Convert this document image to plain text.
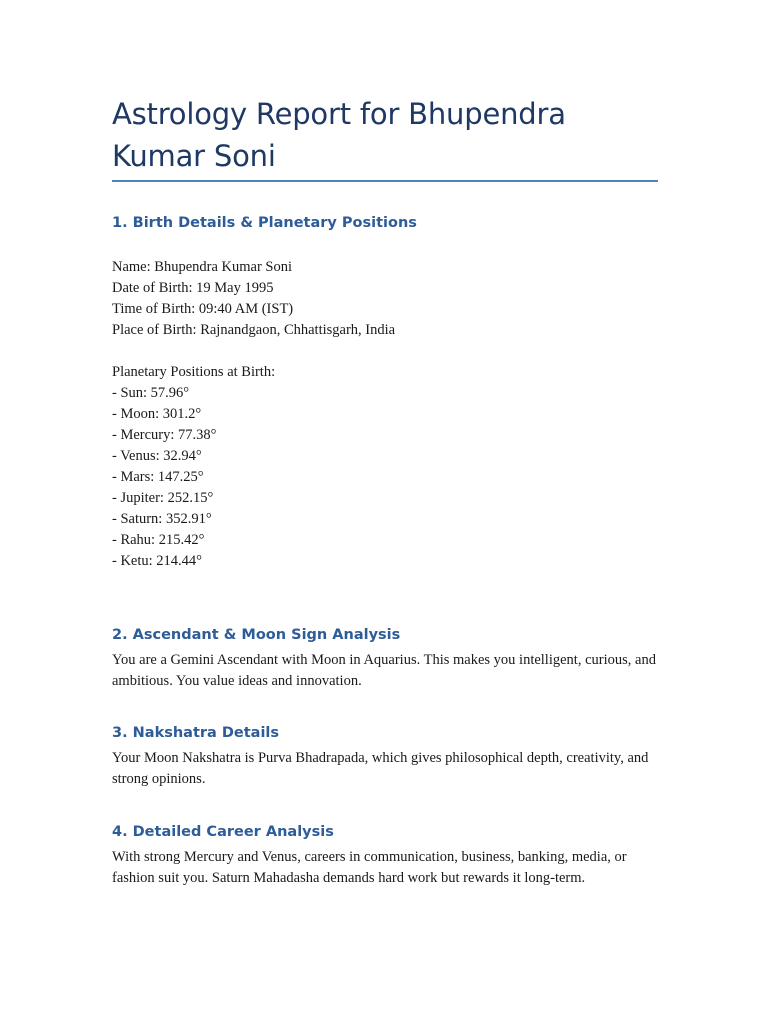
Astrology Report for Bhupendra Kumar Soni
1. Birth Details & Planetary Positions

Name: Bhupendra Kumar Soni

Date of Birth: 19 May 1995

Time of Birth: 09:40 AM (IST)

Place of Birth: Rajnandgaon, Chhattisgarh, India

Planetary Positions at Birth:

- Sun: 57.96°

- Moon: 301.2°

- Mercury: 77.38°

- Venus: 32.94°

- Mars: 147.25°

- Jupiter: 252.15°

- Saturn: 352.91°

- Rahu: 215.42°

- Ketu: 214.44°

2. Ascendant & Moon Sign Analysis

You are a Gemini Ascendant with Moon in Aquarius. This makes you intelligent, curious, and ambitious. You value ideas and innovation.

3. Nakshatra Details

Your Moon Nakshatra is Purva Bhadrapada, which gives philosophical depth, creativity, and strong opinions.

4. Detailed Career Analysis

With strong Mercury and Venus, careers in communication, business, banking, media, or fashion suit you. Saturn Mahadasha demands hard work but rewards it long-term.
